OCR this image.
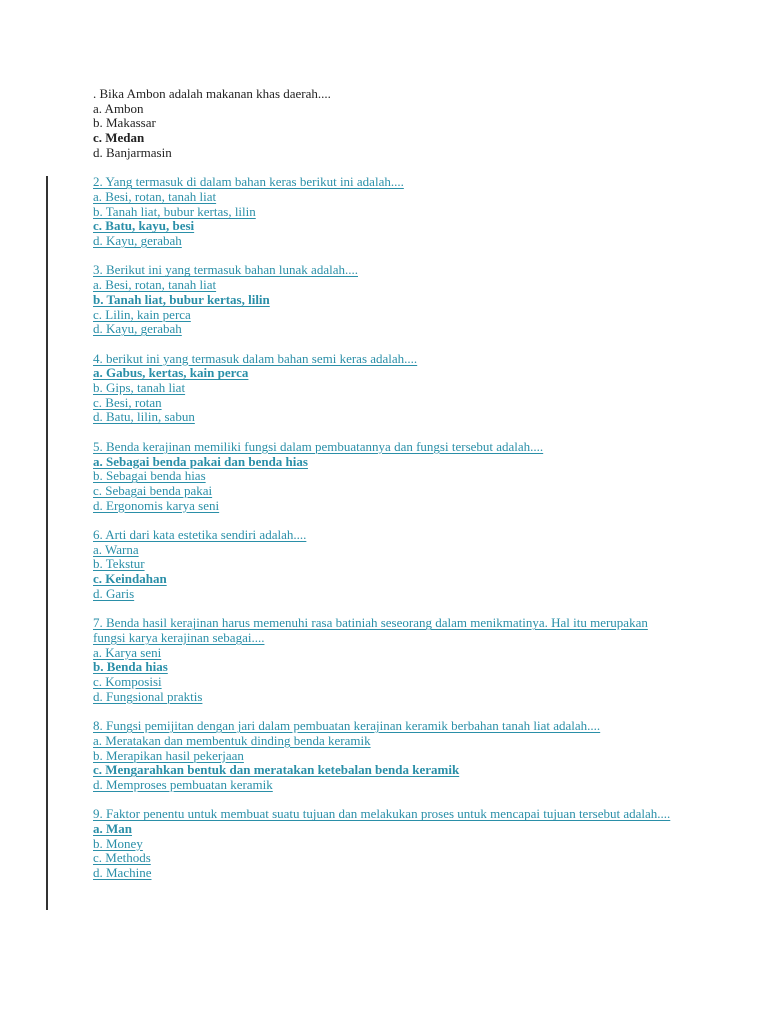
. Bika Ambon adalah makanan khas daerah....
a. Ambon
b. Makassar
c. Medan
d. Banjarmasin
2. Yang termasuk di dalam bahan keras berikut ini adalah....
a. Besi, rotan, tanah liat
b. Tanah liat, bubur kertas, lilin
c. Batu, kayu, besi
d. Kayu, gerabah
3. Berikut ini yang termasuk bahan lunak adalah....
a. Besi, rotan, tanah liat
b. Tanah liat, bubur kertas, lilin
c. Lilin, kain perca
d. Kayu, gerabah
4. berikut ini yang termasuk dalam bahan semi keras adalah....
a. Gabus, kertas, kain perca
b. Gips, tanah liat
c. Besi, rotan
d. Batu, lilin, sabun
5. Benda kerajinan memiliki fungsi dalam pembuatannya dan fungsi tersebut adalah....
a. Sebagai benda pakai dan benda hias
b. Sebagai benda hias
c. Sebagai benda pakai
d. Ergonomis karya seni
6. Arti dari kata estetika sendiri adalah....
a. Warna
b. Tekstur
c. Keindahan
d. Garis
7. Benda hasil kerajinan harus memenuhi rasa batiniah seseorang dalam menikmatinya. Hal itu merupakan fungsi karya kerajinan sebagai....
a. Karya seni
b. Benda hias
c. Komposisi
d. Fungsional praktis
8. Fungsi pemijitan dengan jari dalam pembuatan kerajinan keramik berbahan tanah liat adalah....
a. Meratakan dan membentuk dinding benda keramik
b. Merapikan hasil pekerjaan
c. Mengarahkan bentuk dan meratakan ketebalan benda keramik
d. Memproses pembuatan keramik
9. Faktor penentu untuk membuat suatu tujuan dan melakukan proses untuk mencapai tujuan tersebut adalah....
a. Man
b. Money
c. Methods
d. Machine
